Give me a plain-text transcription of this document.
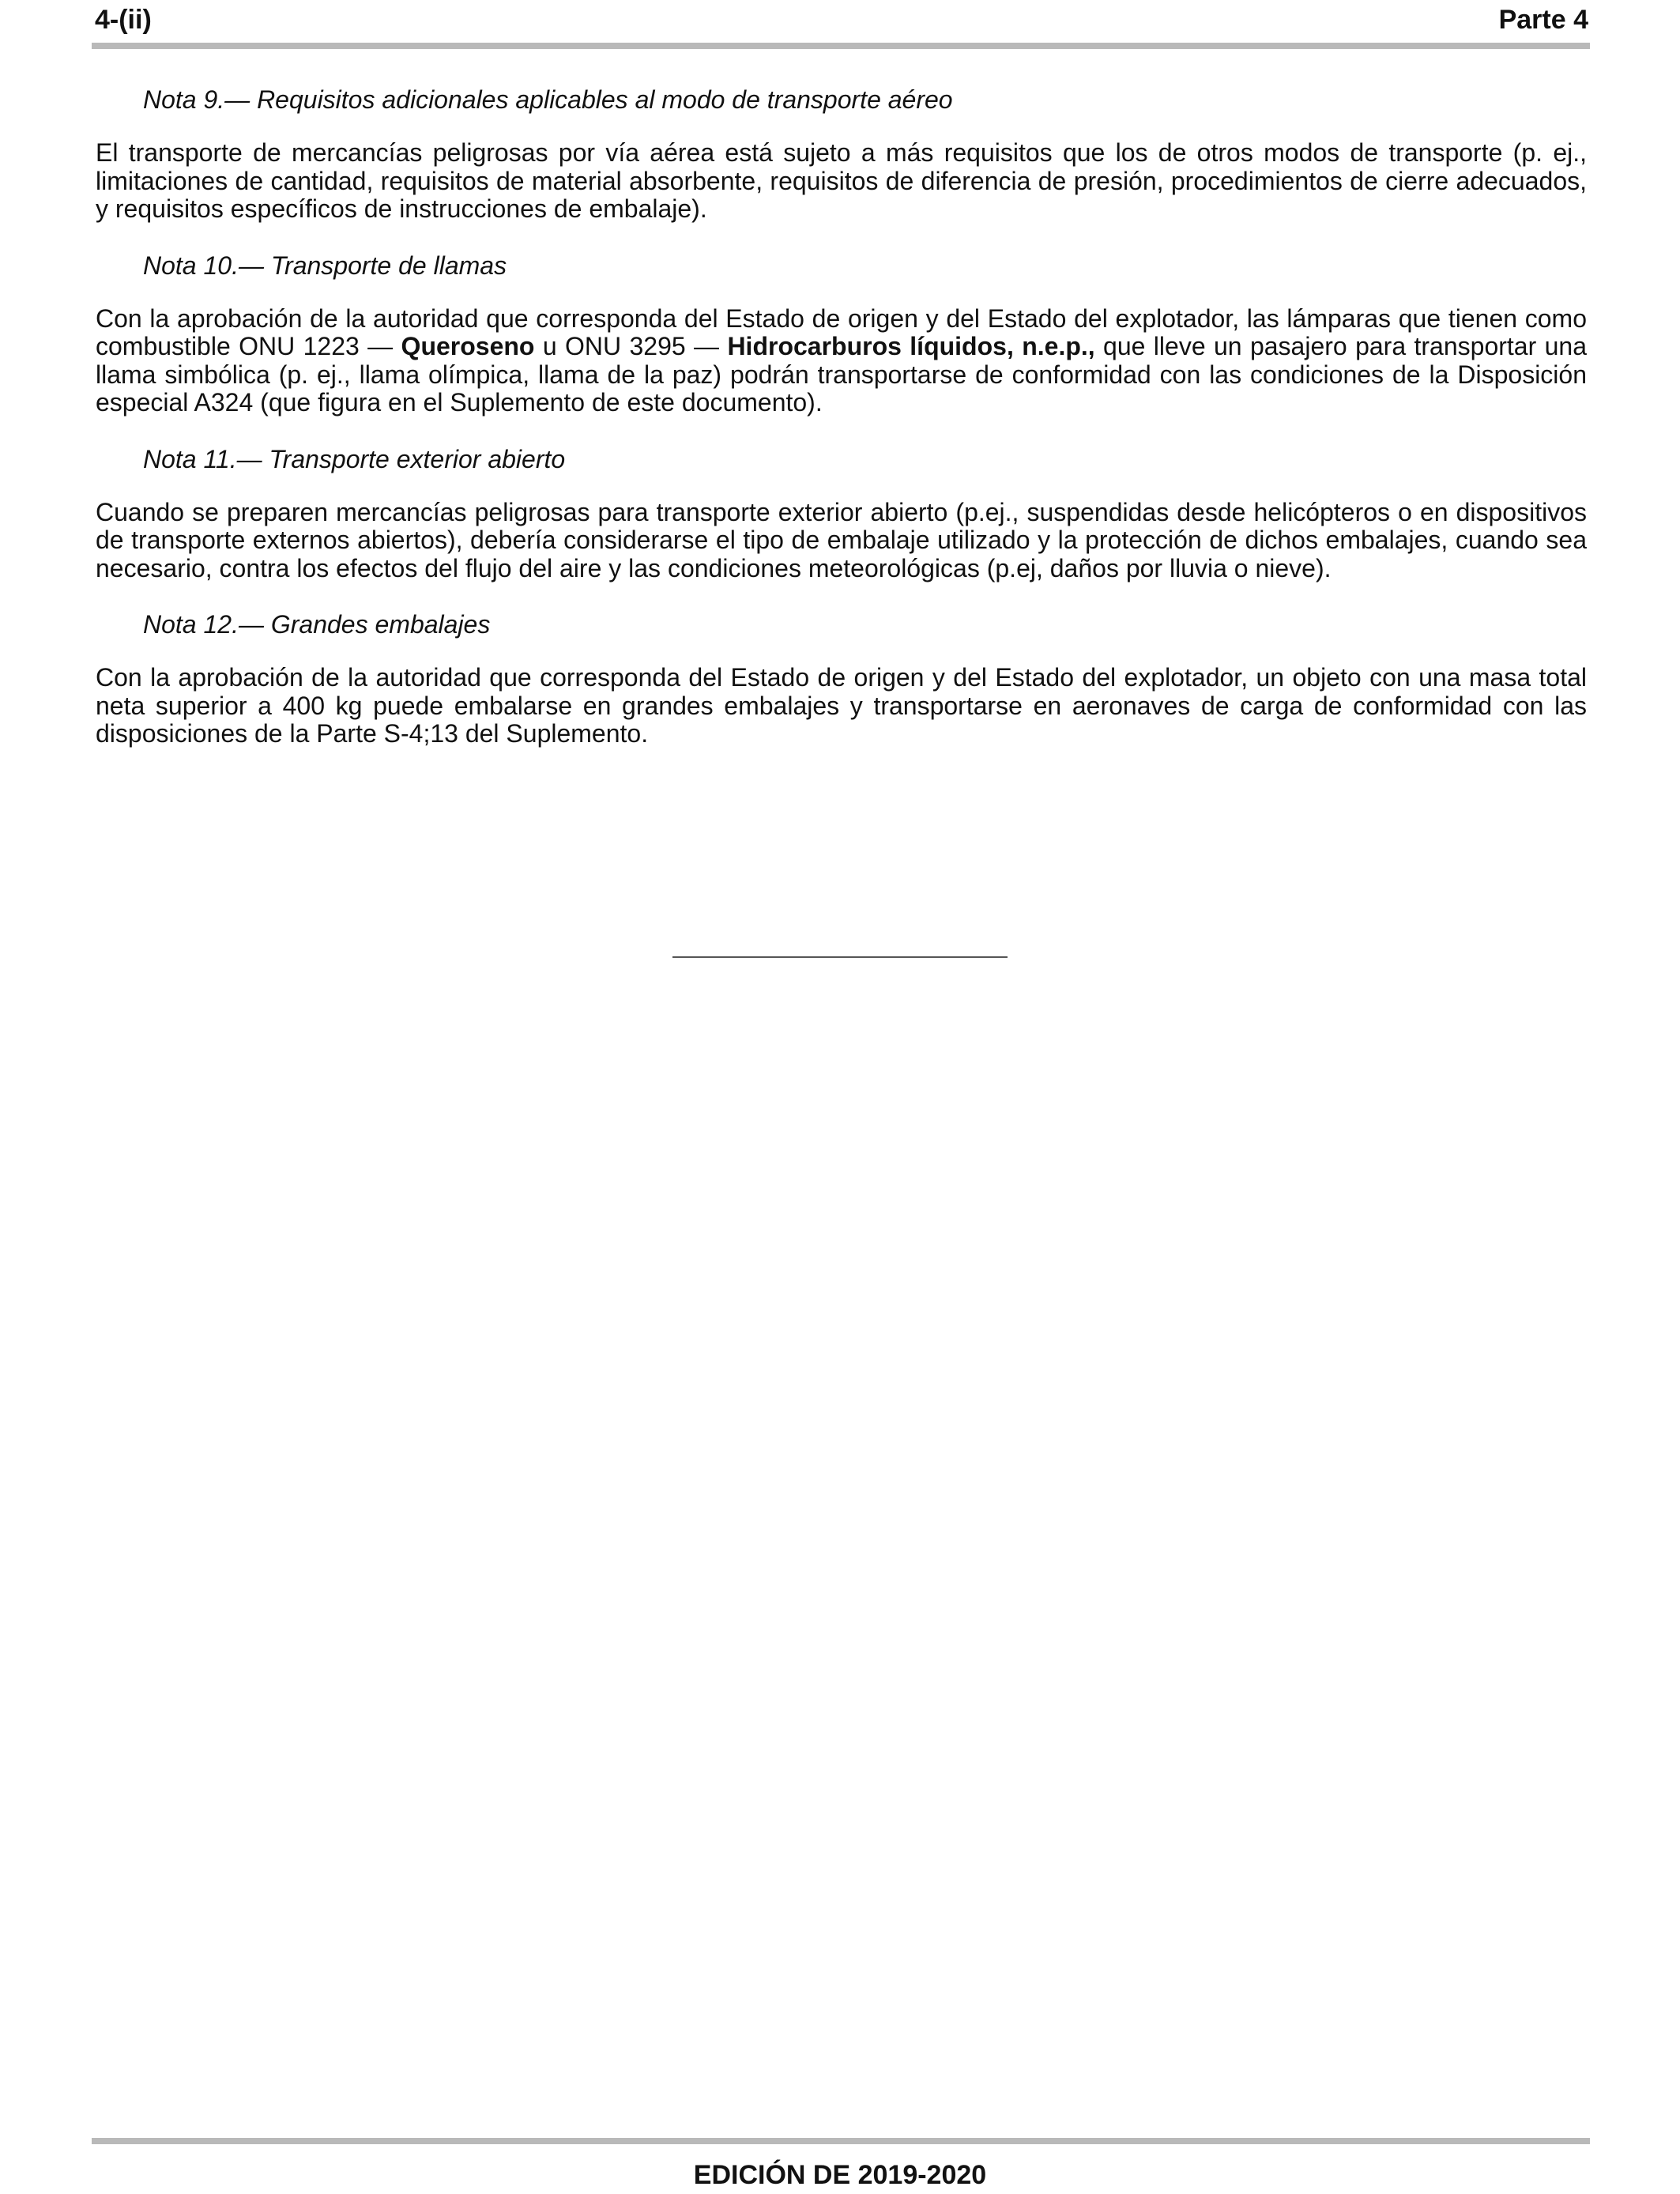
4-(ii)	Parte 4

Nota 9.— Requisitos adicionales aplicables al modo de transporte aéreo

El transporte de mercancías peligrosas por vía aérea está sujeto a más requisitos que los de otros modos de transporte (p. ej., limitaciones de cantidad, requisitos de material absorbente, requisitos de diferencia de presión, procedimientos de cierre adecuados, y requisitos específicos de instrucciones de embalaje).

Nota 10.— Transporte de llamas

Con la aprobación de la autoridad que corresponda del Estado de origen y del Estado del explotador, las lámparas que tienen como combustible ONU 1223 — Queroseno u ONU 3295 — Hidrocarburos líquidos, n.e.p., que lleve un pasajero para transportar una llama simbólica (p. ej., llama olímpica, llama de la paz) podrán transportarse de conformidad con las condiciones de la Disposición especial A324 (que figura en el Suplemento de este documento).

Nota 11.— Transporte exterior abierto

Cuando se preparen mercancías peligrosas para transporte exterior abierto (p.ej., suspendidas desde helicópteros o en dispositivos de transporte externos abiertos), debería considerarse el tipo de embalaje utilizado y la protección de dichos embalajes, cuando sea necesario, contra los efectos del flujo del aire y las condiciones meteorológicas (p.ej, daños por lluvia o nieve).

Nota 12.— Grandes embalajes

Con la aprobación de la autoridad que corresponda del Estado de origen y del Estado del explotador, un objeto con una masa total neta superior a 400 kg puede embalarse en grandes embalajes y transportarse en aeronaves de carga de conformidad con las disposiciones de la Parte S-4;13 del Suplemento.

EDICIÓN DE 2019-2020
